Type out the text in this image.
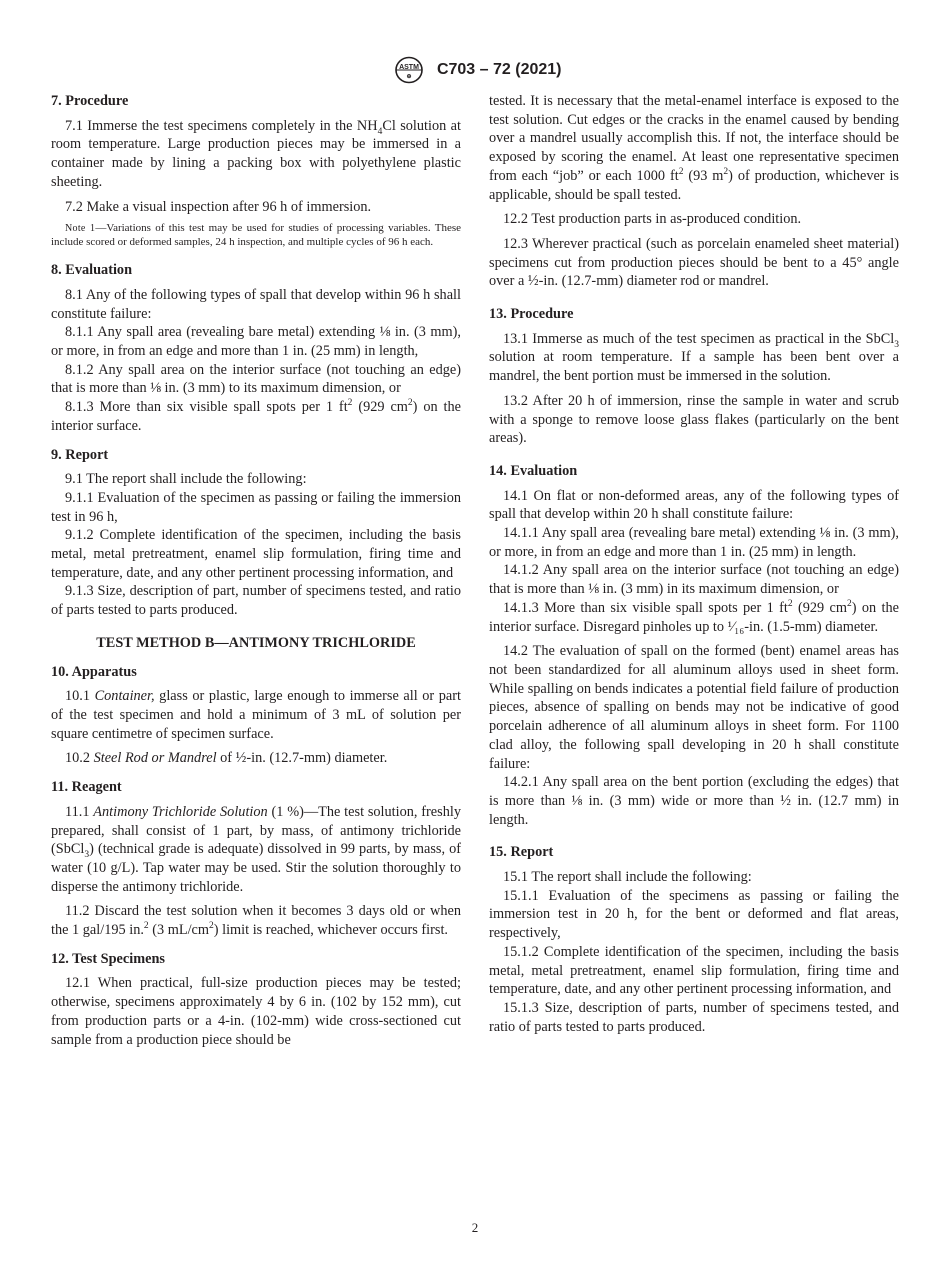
ASTM
⊕ C703 – 72 (2021)
7. Procedure

7.1 Immerse the test specimens completely in the $NH_4Cl$ solution at room temperature. Large production pieces may be immersed in a container made by lining a packing box with polyethylene plastic sheeting.

7.2 Make a visual inspection after 96 h of immersion.

Note 1—Variations of this test may be used for studies of processing variables. These include scored or deformed samples, 24 h inspection, and multiple cycles of 96 h each.
8. Evaluation

8.1 Any of the following types of spall that develop within 96 h shall constitute failure:

8.1.1 Any spall area (revealing bare metal) extending ⅛ in. (3 mm), or more, in from an edge and more than 1 in. (25 mm) in length,

8.1.2 Any spall area on the interior surface (not touching an edge) that is more than ⅛ in. (3 mm) to its maximum dimension, or

8.1.3 More than six visible spall spots per 1 $ft^2$ (929 $cm^2$) on the interior surface.

9. Report

9.1 The report shall include the following:

9.1.1 Evaluation of the specimen as passing or failing the immersion test in 96 h,

9.1.2 Complete identification of the specimen, including the basis metal, metal pretreatment, enamel slip formulation, firing time and temperature, date, and any other pertinent processing information, and

9.1.3 Size, description of part, number of specimens tested, and ratio of parts tested to parts produced.

TEST METHOD B—ANTIMONY TRICHLORIDE
10. Apparatus

10.1 Container, glass or plastic, large enough to immerse all or part of the test specimen and hold a minimum of 3 mL of solution per square centimetre of specimen surface.

10.2 Steel Rod or Mandrel of ½-in. (12.7-mm) diameter.

11. Reagent

11.1 Antimony Trichloride Solution (1 %)—The test solution, freshly prepared, shall consist of 1 part, by mass, of antimony trichloride (SbCl$_3$) (technical grade is adequate) dissolved in 99 parts, by mass, of water (10 g/L). Tap water may be used. Stir the solution thoroughly to disperse the antimony trichloride.

11.2 Discard the test solution when it becomes 3 days old or when the 1 gal/195 in.$^2$ (3 $mL/cm^2$) limit is reached, whichever occurs first.

12. Test Specimens

12.1 When practical, full-size production pieces may be tested; otherwise, specimens approximately 4 by 6 in. (102 by 152 mm), cut from production parts or a 4-in. (102-mm) wide cross-sectioned cut sample from a production piece should be

tested. It is necessary that the metal-enamel interface is exposed to the test solution. Cut edges or the cracks in the enamel caused by bending over a mandrel usually accomplish this. If not, the interface should be exposed by scoring the enamel. At least one representative specimen from each “job” or each 1000 $ft^2$ (93 $m^2$) of production, whichever is applicable, should be spall tested.

12.2 Test production parts in as-produced condition.

12.3 Wherever practical (such as porcelain enameled sheet material) specimens cut from production pieces should be bent to a 45° angle over a ½-in. (12.7-mm) diameter rod or mandrel.

13. Procedure

13.1 Immerse as much of the test specimen as practical in the SbCl$_3$ solution at room temperature. If a sample has been bent over a mandrel, the bent portion must be immersed in the solution.

13.2 After 20 h of immersion, rinse the sample in water and scrub with a sponge to remove loose glass flakes (particularly on the bent areas).

14. Evaluation

14.1 On flat or non-deformed areas, any of the following types of spall that develop within 20 h shall constitute failure:

14.1.1 Any spall area (revealing bare metal) extending ⅛ in. (3 mm), or more, in from an edge and more than 1 in. (25 mm) in length.

14.1.2 Any spall area on the interior surface (not touching an edge) that is more than ⅛ in. (3 mm) in its maximum dimension, or

14.1.3 More than six visible spall spots per 1 $ft^2$ (929 $cm^2$) on the interior surface. Disregard pinholes up to ¹⁄₁₆-in. (1.5-mm) diameter.

14.2 The evaluation of spall on the formed (bent) enamel areas has not been standardized for all aluminum alloys used in sheet form. While spalling on bends indicates a potential field failure of production pieces, absence of spalling on bends may not be indicative of good porcelain adherence of all aluminum alloys in sheet form. For 1100 clad alloy, the following spall developing in 20 h shall constitute failure:

14.2.1 Any spall area on the bent portion (excluding the edges) that is more than ⅛ in. (3 mm) wide or more than ½ in. (12.7 mm) in length.

15. Report

15.1 The report shall include the following:

15.1.1 Evaluation of the specimens as passing or failing the immersion test in 20 h, for the bent or deformed and flat areas, respectively,

15.1.2 Complete identification of the specimen, including the basis metal, metal pretreatment, enamel slip formulation, firing time and temperature, date, and any other pertinent processing information, and

15.1.3 Size, description of parts, number of specimens tested, and ratio of parts tested to parts produced.

2
